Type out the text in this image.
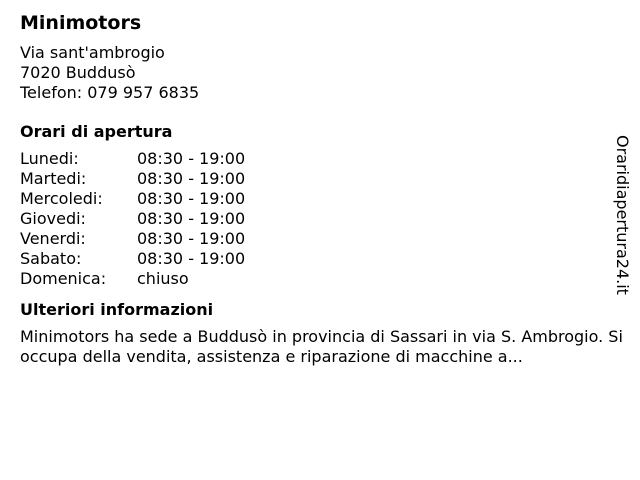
Minimotors
Via sant'ambrogio
7020 Buddusò
Telefon: 079 957 6835
Orari di apertura
Lunedi:	08:30 - 19:00
Martedi:	08:30 - 19:00
Mercoledi:	08:30 - 19:00
Giovedi:	08:30 - 19:00
Venerdi:	08:30 - 19:00
Sabato:	08:30 - 19:00
Domenica:	chiuso
Ulteriori informazioni
Minimotors ha sede a Buddusò in provincia di Sassari in via S. Ambrogio. Si occupa della vendita, assistenza e riparazione di macchine a...
Oraridiapertura24.it
